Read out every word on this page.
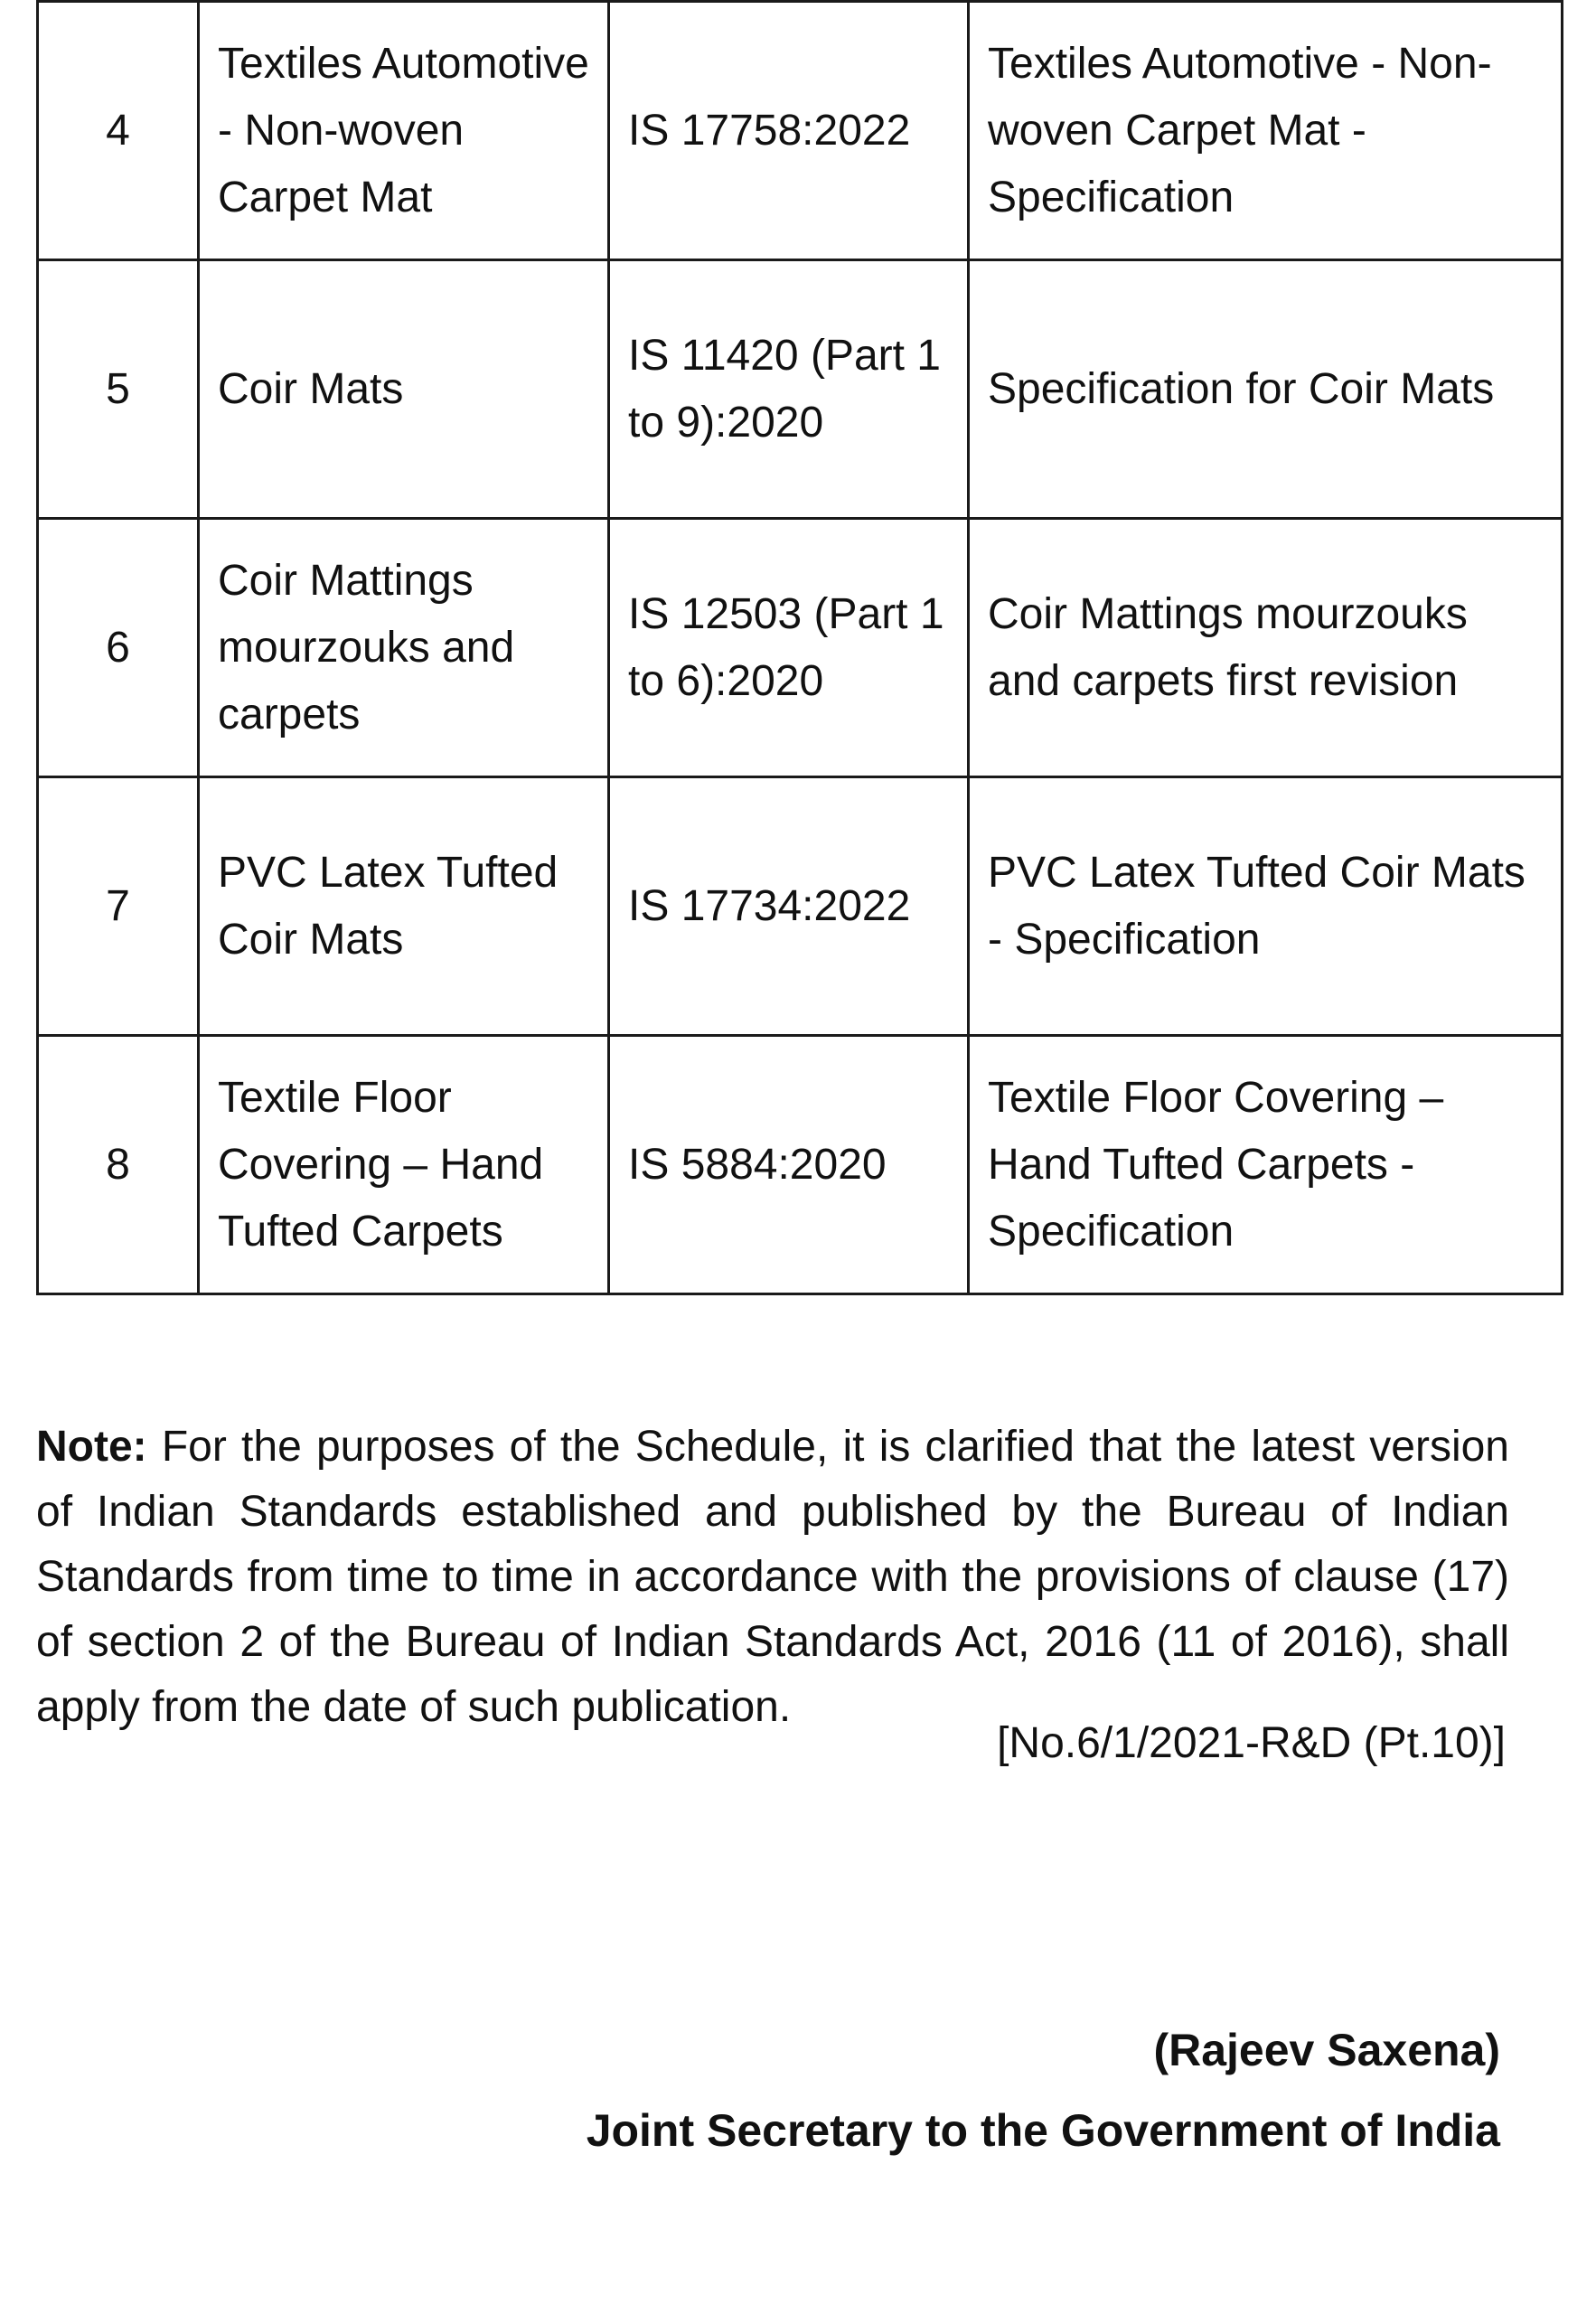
4	Textiles Automotive - Non-woven Carpet Mat	IS 17758:2022	Textiles Automotive - Non-woven Carpet Mat - Specification
5	Coir Mats	IS 11420 (Part 1 to 9):2020	Specification for Coir Mats
6	Coir Mattings mourzouks and carpets	IS 12503 (Part 1 to 6):2020	Coir Mattings mourzouks and carpets first revision
7	PVC Latex Tufted Coir Mats	IS 17734:2022	PVC Latex Tufted Coir Mats - Specification
8	Textile Floor Covering – Hand Tufted Carpets	IS 5884:2020	Textile Floor Covering – Hand Tufted Carpets - Specification

Note: For the purposes of the Schedule, it is clarified that the latest version of Indian Standards established and published by the Bureau of Indian Standards from time to time in accordance with the provisions of clause (17) of section 2 of the Bureau of Indian Standards Act, 2016 (11 of 2016), shall apply from the date of such publication.

[No.6/1/2021-R&D (Pt.10)]
(Rajeev Saxena)
Joint Secretary to the Government of India
